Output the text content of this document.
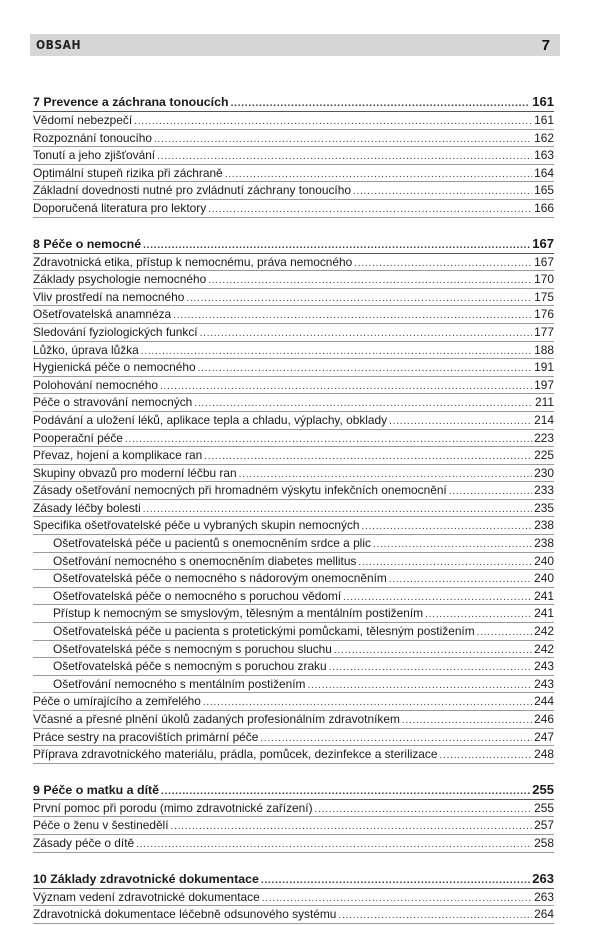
OBSAH	7
7 Prevence a záchrana tonoucích . . .	161
Vědomí nebezpečí . . .	161
Rozpoznání tonoucího . . .	162
Tonutí a jeho zjišťování . . .	163
Optimální stupeň rizika při záchraně . . .	164
Základní dovednosti nutné pro zvládnutí záchrany tonoucího . . .	165
Doporučená literatura pro lektory . . .	166
8 Péče o nemocné . . .	167
Zdravotnická etika, přístup k nemocnému, práva nemocného . . .	167
Základy psychologie nemocného . . .	170
Vliv prostředí na nemocného . . .	175
Ošetřovatelská anamnéza . . .	176
Sledování fyziologických funkcí . . .	177
Lůžko, úprava lůžka . . .	188
Hygienická péče o nemocného . . .	191
Polohování nemocného . . .	197
Péče o stravování nemocných . . .	211
Podávání a uložení léků, aplikace tepla a chladu, výplachy, obklady . . .	214
Pooperační péče . . .	223
Převaz, hojení a komplikace ran . . .	225
Skupiny obvazů pro moderní léčbu ran . . .	230
Zásady ošetřování nemocných při hromadném výskytu infekčních onemocnění . . .	233
Zásady léčby bolesti . . .	235
Specifika ošetřovatelské péče u vybraných skupin nemocných . . .	238
Ošetřovatelská péče u pacientů s onemocněním srdce a plic . . .	238
Ošetřování nemocného s onemocněním diabetes mellitus . . .	240
Ošetřovatelská péče o nemocného s nádorovým onemocněním . . .	240
Ošetřovatelská péče o nemocného s poruchou vědomí . . .	241
Přístup k nemocným se smyslovým, tělesným a mentálním postižením . . .	241
Ošetřovatelská péče u pacienta s protetickými pomůckami, tělesným postižením . . .	242
Ošetřovatelská péče s nemocným s poruchou sluchu . . .	242
Ošetřovatelská péče s nemocným s poruchou zraku . . .	243
Ošetřování nemocného s mentálním postižením . . .	243
Péče o umírajícího a zemřelého . . .	244
Včasné a přesné plnění úkolů zadaných profesionálním zdravotníkem . . .	246
Práce sestry na pracovištích primární péče . . .	247
Příprava zdravotnického materiálu, prádla, pomůcek, dezinfekce a sterilizace . . .	248
9 Péče o matku a dítě . . .	255
První pomoc při porodu (mimo zdravotnické zařízení) . . .	255
Péče o ženu v šestinedělí . . .	257
Zásady péče o dítě . . .	258
10 Základy zdravotnické dokumentace . . .	263
Význam vedení zdravotnické dokumentace . . .	263
Zdravotnická dokumentace léčebně odsunového systému . . .	264
